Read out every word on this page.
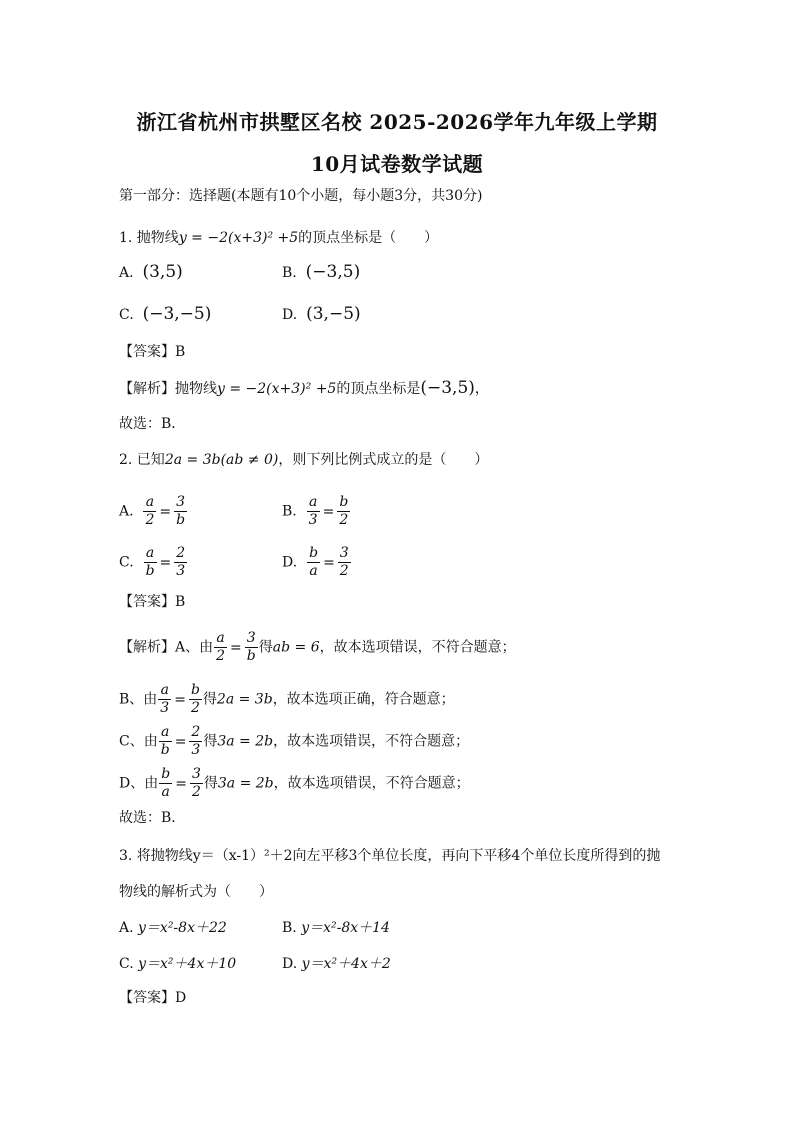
浙江省杭州市拱墅区名校 2025-2026学年九年级上学期
10月试卷数学试题
第一部分：选择题(本题有10个小题，每小题3分，共30分)
1. 抛物线y = −2(x+3)² +5的顶点坐标是（　　）
A. (3,5)	B. (−3,5)
C. (−3,−5)	D. (3,−5)
【答案】B
【解析】抛物线y = −2(x+3)² +5的顶点坐标是(−3,5)，
故选：B．
2. 已知2a = 3b(ab ≠ 0)，则下列比例式成立的是（　　）
A. $\frac{a}{2} = \frac{3}{b}$	B. $\frac{a}{3} = \frac{b}{2}$
C. $\frac{a}{b} = \frac{2}{3}$	D. $\frac{b}{a} = \frac{3}{2}$
【答案】B
【解析】A、由 $\frac{a}{2} = \frac{3}{b}$ 得ab = 6，故本选项错误，不符合题意；
B、由 $\frac{a}{3} = \frac{b}{2}$ 得2a = 3b，故本选项正确，符合题意；
C、由 $\frac{a}{b} = \frac{2}{3}$ 得3a = 2b，故本选项错误，不符合题意；
D、由 $\frac{b}{a} = \frac{3}{2}$ 得3a = 2b，故本选项错误，不符合题意；
故选：B．
3. 将抛物线y＝（x-1）²＋2向左平移3个单位长度，再向下平移4个单位长度所得到的抛
物线的解析式为（　　）
A. y＝x²-8x＋22	B. y＝x²-8x＋14
C. y＝x²＋4x＋10	D. y＝x²＋4x＋2
【答案】D
